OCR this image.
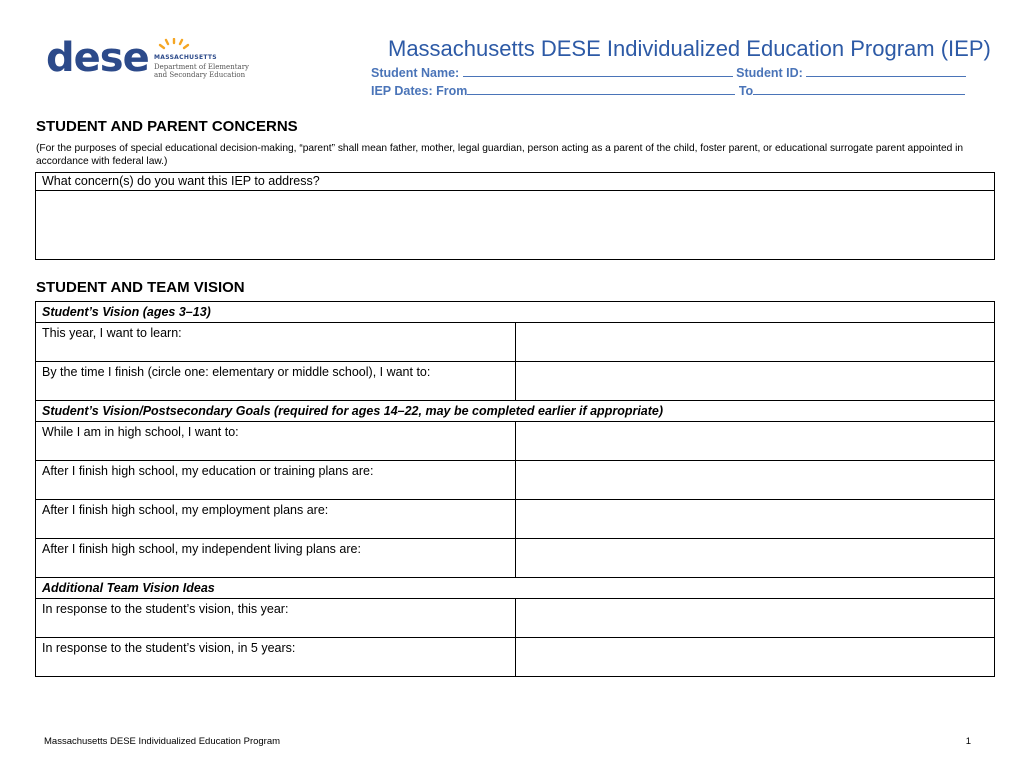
dese MASSACHUSETTS
Department of Elementary
and Secondary Education
Massachusetts DESE Individualized Education Program (IEP)
Student Name:	Student ID:
IEP Dates: From	To
STUDENT AND PARENT CONCERNS
(For the purposes of special educational decision-making, “parent” shall mean father, mother, legal guardian, person acting as a parent of the child, foster parent, or educational surrogate parent appointed in accordance with federal law.)
What concern(s) do you want this IEP to address?
STUDENT AND TEAM VISION
Student’s Vision (ages 3–13)	
This year, I want to learn:	
By the time I finish (circle one: elementary or middle school), I want to:	
Student’s Vision/Postsecondary Goals (required for ages 14–22, may be completed earlier if appropriate)	
While I am in high school, I want to:	
After I finish high school, my education or training plans are:	
After I finish high school, my employment plans are:	
After I finish high school, my independent living plans are:	
Additional Team Vision Ideas	
In response to the student’s vision, this year:	
In response to the student’s vision, in 5 years:	
Massachusetts DESE Individualized Education Program	1
